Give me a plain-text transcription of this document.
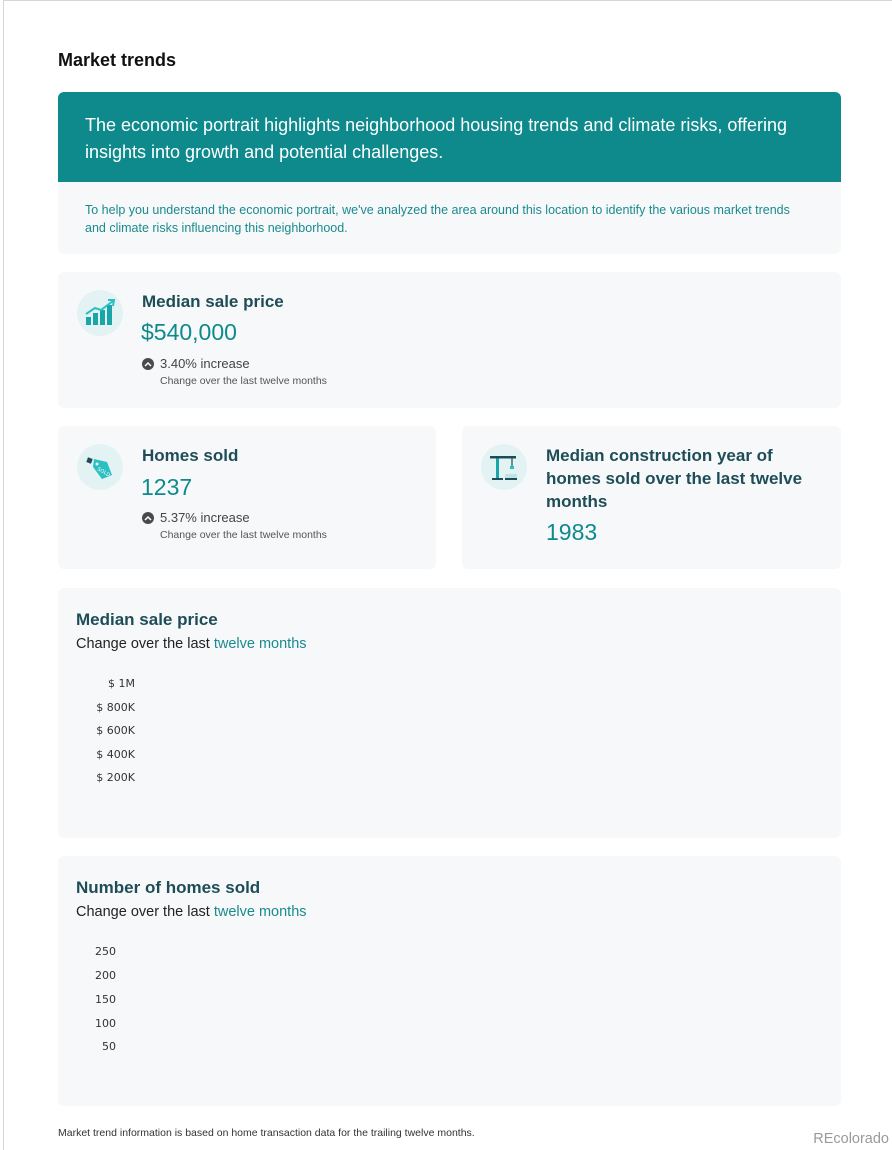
Market trends
The economic portrait highlights neighborhood housing trends and climate risks, offering insights into growth and potential challenges.
To help you understand the economic portrait, we've analyzed the area around this location to identify the various market trends and climate risks influencing this neighborhood.
Median sale price
$540,000
3.40% increase
Change over the last twelve months
SOLD
Homes sold
1237
5.37% increase
Change over the last twelve months
Median construction year of homes sold over the last twelve months
1983
Median sale price
Change over the last twelve months
$ 1M
$ 800K
$ 600K
$ 400K
$ 200K
Number of homes sold
Change over the last twelve months
250
200
150
100
50
Market trend information is based on home transaction data for the trailing twelve months.	REcolorado
